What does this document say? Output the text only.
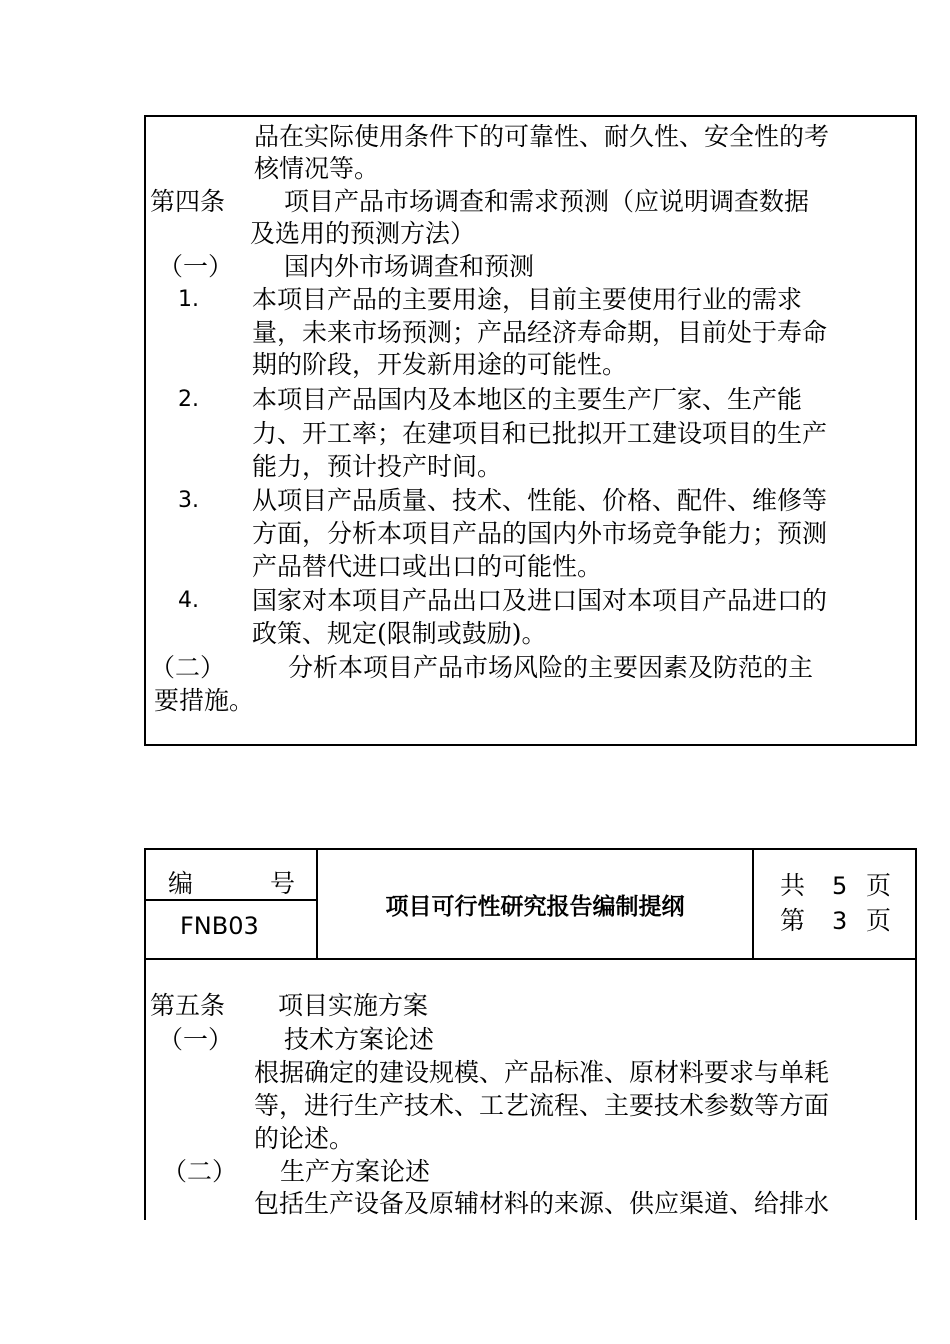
品在实际使用条件下的可靠性、耐久性、安全性的考
核情况等。
第四条 项目产品市场调查和需求预测（应说明调查数据
及选用的预测方法）
（一） 国内外市场调查和预测
1. 本项目产品的主要用途，目前主要使用行业的需求
量，未来市场预测；产品经济寿命期，目前处于寿命
期的阶段，开发新用途的可能性。
2. 本项目产品国内及本地区的主要生产厂家、生产能
力、开工率；在建项目和已批拟开工建设项目的生产
能力，预计投产时间。
3. 从项目产品质量、技术、性能、价格、配件、维修等
方面，分析本项目产品的国内外市场竞争能力；预测
产品替代进口或出口的可能性。
4. 国家对本项目产品出口及进口国对本项目产品进口的
政策、规定(限制或鼓励)。
（二）	分析本项目产品市场风险的主要因素及防范的主
要措施。
编	号
FNB03
项目可行性研究报告编制提纲
共 5 页
第 3 页
第五条 项目实施方案
（一） 技术方案论述
根据确定的建设规模、产品标准、原材料要求与单耗
等，进行生产技术、工艺流程、主要技术参数等方面
的论述。
（二） 生产方案论述
包括生产设备及原辅材料的来源、供应渠道、给排水
